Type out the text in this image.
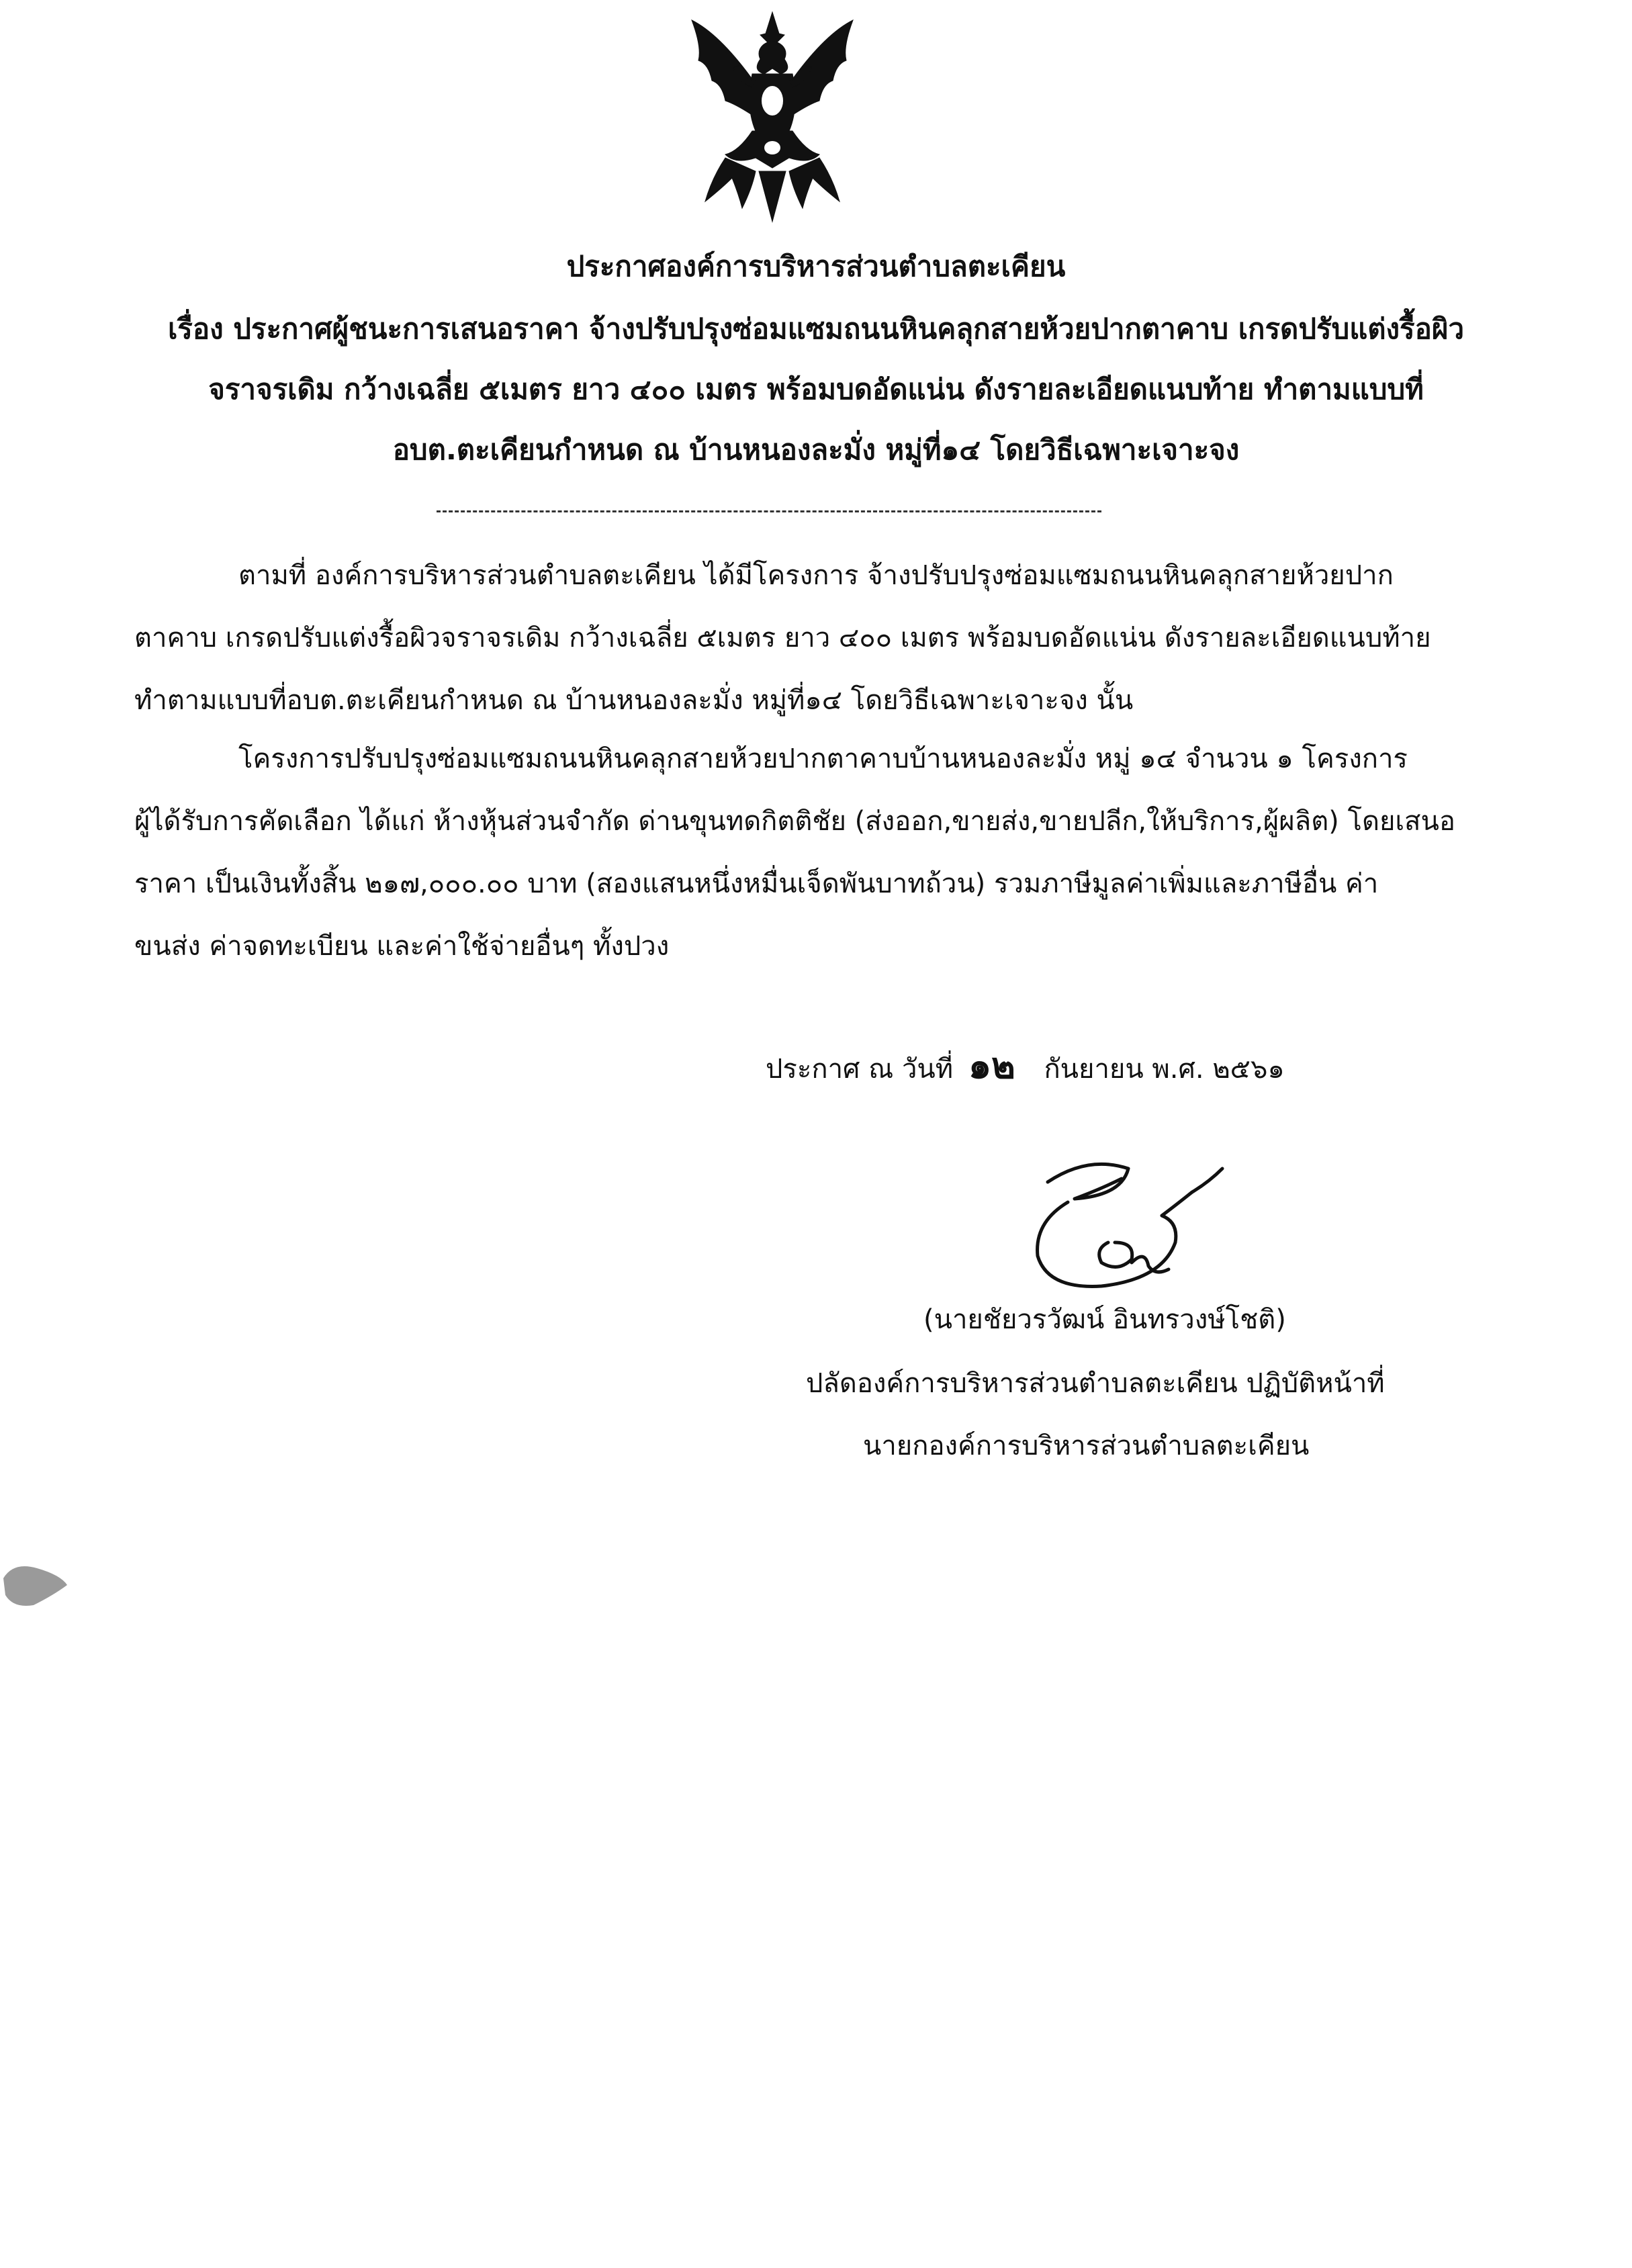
ประกาศองค์การบริหารส่วนตำบลตะเคียน
เรื่อง ประกาศผู้ชนะการเสนอราคา จ้างปรับปรุงซ่อมแซมถนนหินคลุกสายห้วยปากตาคาบ เกรดปรับแต่งรื้อผิว
จราจรเดิม กว้างเฉลี่ย ๕เมตร ยาว ๔๐๐ เมตร พร้อมบดอัดแน่น ดังรายละเอียดแนบท้าย ทำตามแบบที่
อบต.ตะเคียนกำหนด ณ บ้านหนองละมั่ง หมู่ที่๑๔ โดยวิธีเฉพาะเจาะจง
ตามที่ องค์การบริหารส่วนตำบลตะเคียน ได้มีโครงการ จ้างปรับปรุงซ่อมแซมถนนหินคลุกสายห้วยปาก
ตาคาบ เกรดปรับแต่งรื้อผิวจราจรเดิม กว้างเฉลี่ย ๕เมตร ยาว ๔๐๐ เมตร พร้อมบดอัดแน่น ดังรายละเอียดแนบท้าย
ทำตามแบบที่อบต.ตะเคียนกำหนด ณ บ้านหนองละมั่ง หมู่ที่๑๔ โดยวิธีเฉพาะเจาะจง นั้น
โครงการปรับปรุงซ่อมแซมถนนหินคลุกสายห้วยปากตาคาบบ้านหนองละมั่ง หมู่ ๑๔ จำนวน ๑ โครงการ
ผู้ได้รับการคัดเลือก ได้แก่ ห้างหุ้นส่วนจำกัด ด่านขุนทดกิตติชัย (ส่งออก,ขายส่ง,ขายปลีก,ให้บริการ,ผู้ผลิต) โดยเสนอ
ราคา เป็นเงินทั้งสิ้น ๒๑๗,๐๐๐.๐๐ บาท (สองแสนหนึ่งหมื่นเจ็ดพันบาทถ้วน) รวมภาษีมูลค่าเพิ่มและภาษีอื่น ค่า
ขนส่ง ค่าจดทะเบียน และค่าใช้จ่ายอื่นๆ ทั้งปวง
ประกาศ ณ วันที่ ๑๒ กันยายน พ.ศ. ๒๕๖๑
(นายชัยวรวัฒน์ อินทรวงษ์โชติ)
ปลัดองค์การบริหารส่วนตำบลตะเคียน ปฏิบัติหน้าที่
นายกองค์การบริหารส่วนตำบลตะเคียน
